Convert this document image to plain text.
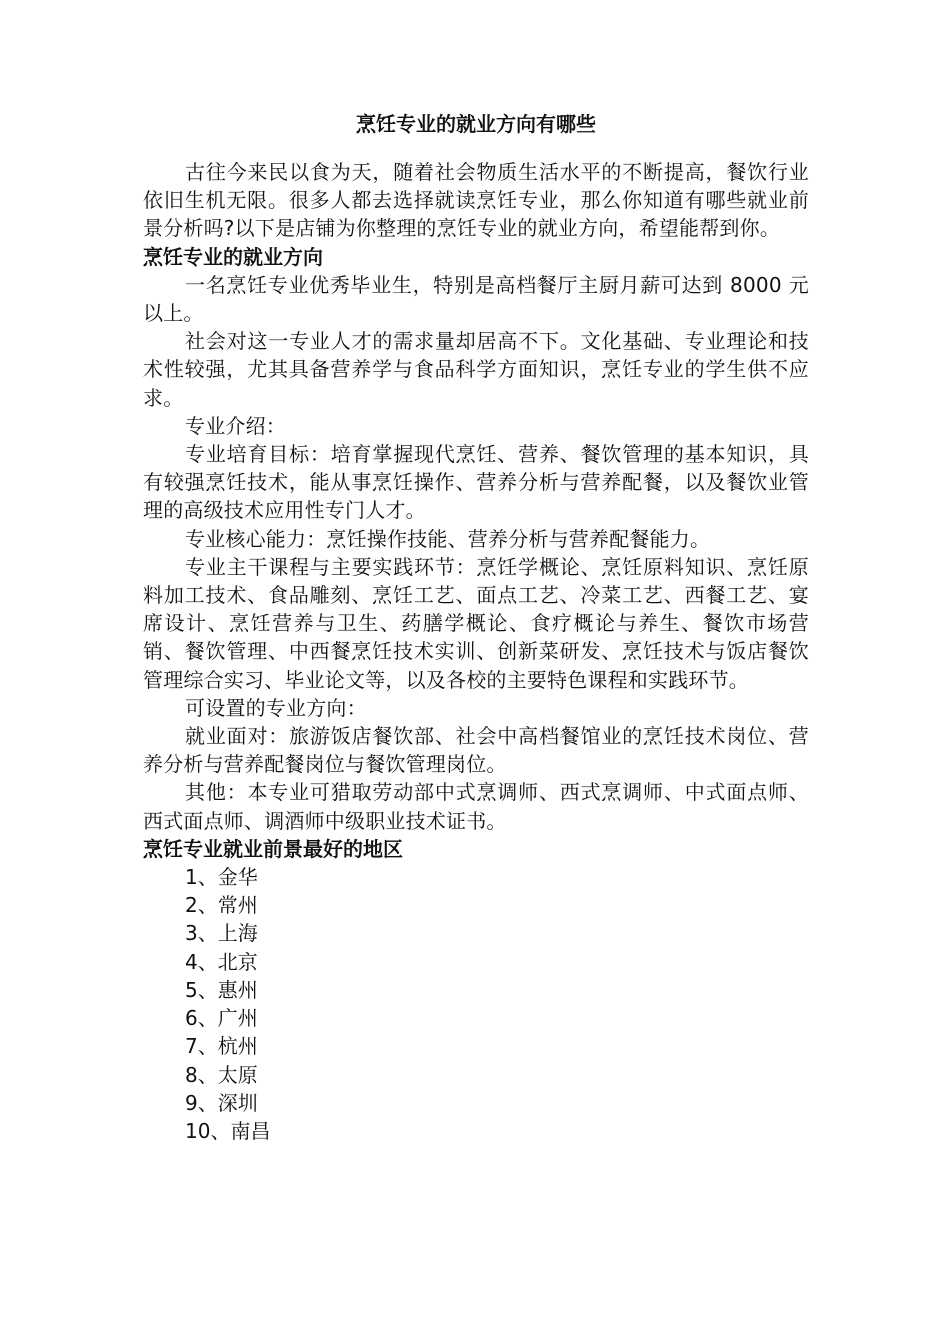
烹饪专业的就业方向有哪些

古往今来民以食为天，随着社会物质生活水平的不断提高，餐饮行业依旧生机无限。很多人都去选择就读烹饪专业，那么你知道有哪些就业前景分析吗?以下是店铺为你整理的烹饪专业的就业方向，希望能帮到你。

烹饪专业的就业方向

一名烹饪专业优秀毕业生，特别是高档餐厅主厨月薪可达到 8000 元以上。

社会对这一专业人才的需求量却居高不下。文化基础、专业理论和技术性较强，尤其具备营养学与食品科学方面知识，烹饪专业的学生供不应求。

专业介绍：

专业培育目标：培育掌握现代烹饪、营养、餐饮管理的基本知识，具有较强烹饪技术，能从事烹饪操作、营养分析与营养配餐，以及餐饮业管理的高级技术应用性专门人才。

专业核心能力：烹饪操作技能、营养分析与营养配餐能力。

专业主干课程与主要实践环节：烹饪学概论、烹饪原料知识、烹饪原料加工技术、食品雕刻、烹饪工艺、面点工艺、冷菜工艺、西餐工艺、宴席设计、烹饪营养与卫生、药膳学概论、食疗概论与养生、餐饮市场营销、餐饮管理、中西餐烹饪技术实训、创新菜研发、烹饪技术与饭店餐饮管理综合实习、毕业论文等，以及各校的主要特色课程和实践环节。

可设置的专业方向：

就业面对：旅游饭店餐饮部、社会中高档餐馆业的烹饪技术岗位、营养分析与营养配餐岗位与餐饮管理岗位。

其他：本专业可猎取劳动部中式烹调师、西式烹调师、中式面点师、西式面点师、调酒师中级职业技术证书。

烹饪专业就业前景最好的地区
1、金华
2、常州
3、上海
4、北京
5、惠州
6、广州
7、杭州
8、太原
9、深圳
10、南昌
